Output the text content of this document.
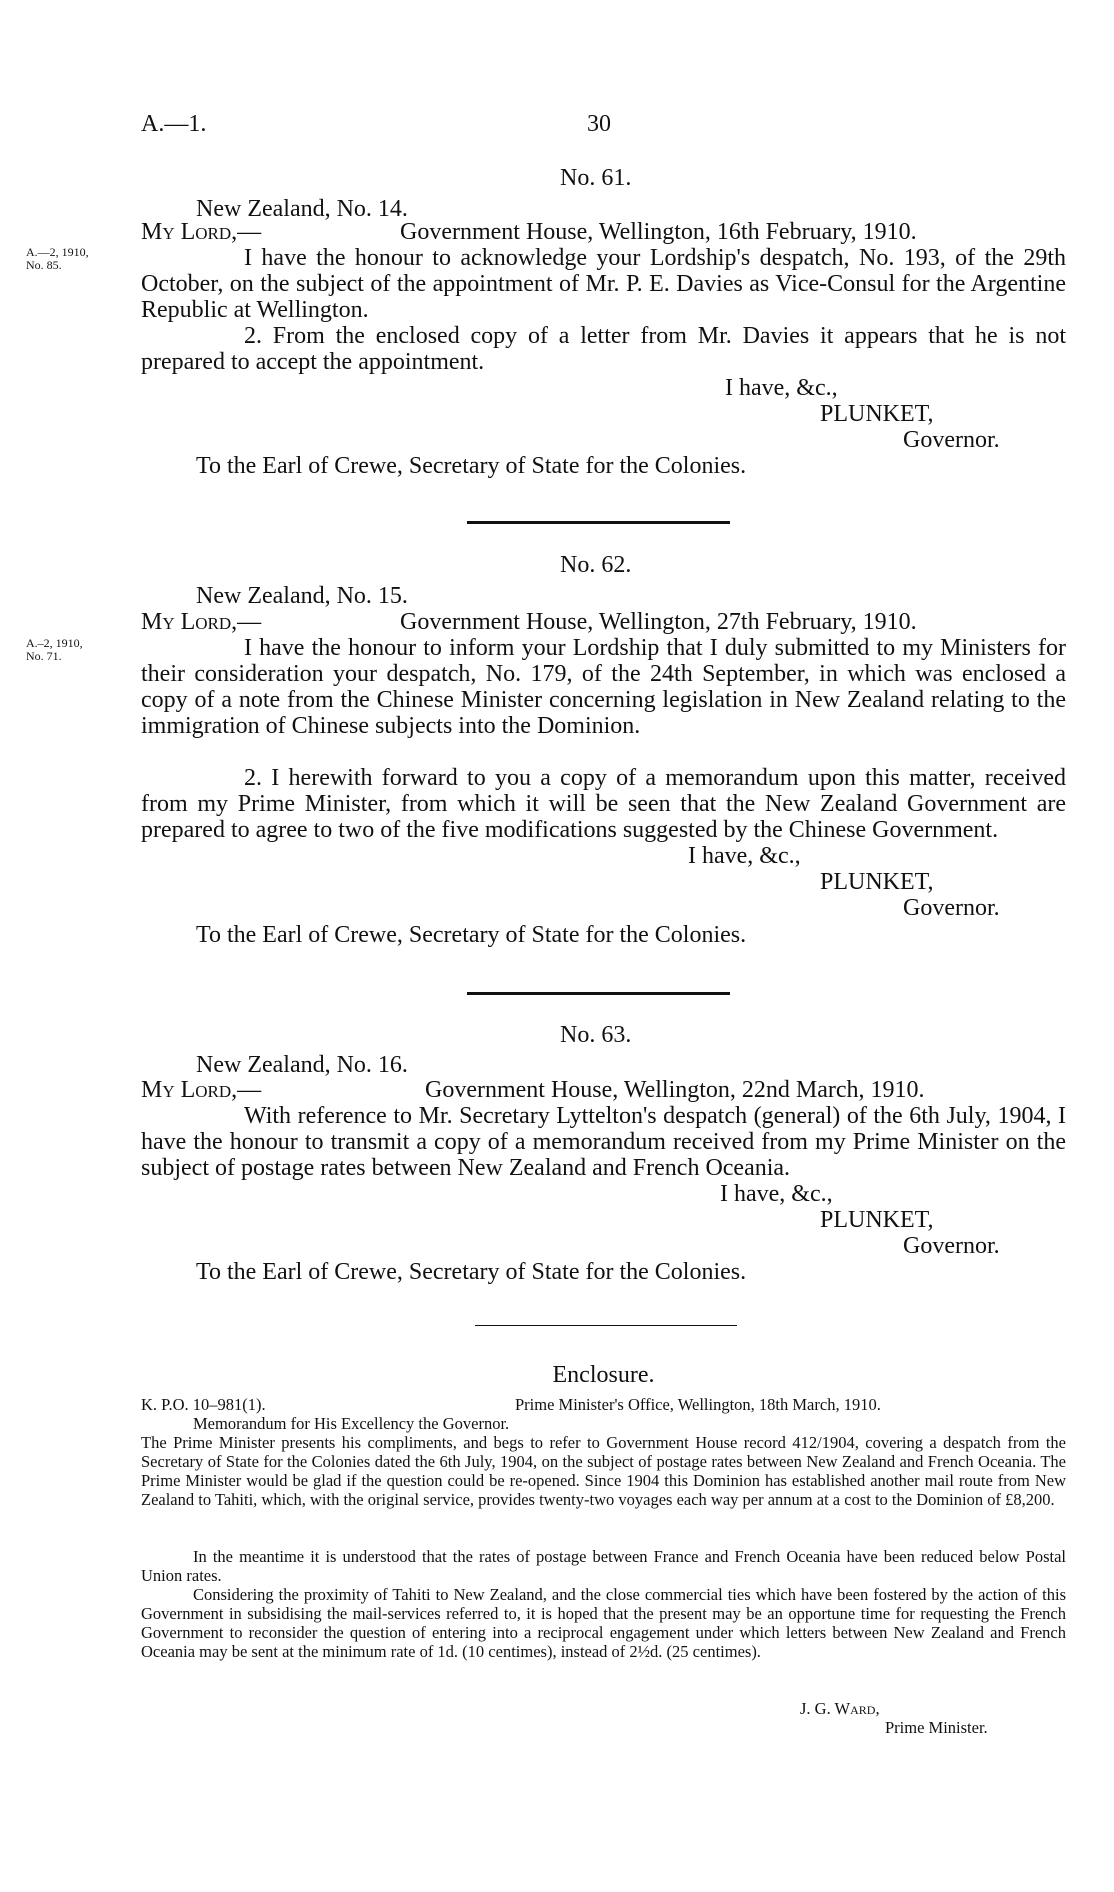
A.—1.	30
No. 61.
New Zealand, No. 14.
My Lord,—	Government House, Wellington, 16th February, 1910.
A.—2, 1910,
No. 85.	I have the honour to acknowledge your Lordship's despatch, No. 193, of the 29th October, on the subject of the appointment of Mr. P. E. Davies as Vice-Consul for the Argentine Republic at Wellington.
2. From the enclosed copy of a letter from Mr. Davies it appears that he is not prepared to accept the appointment.
I have, &c.,
PLUNKET,
Governor.
To the Earl of Crewe, Secretary of State for the Colonies.
No. 62.
New Zealand, No. 15.
My Lord,—	Government House, Wellington, 27th February, 1910.
A.–2, 1910,
No. 71.	I have the honour to inform your Lordship that I duly submitted to my Ministers for their consideration your despatch, No. 179, of the 24th September, in which was enclosed a copy of a note from the Chinese Minister concerning legislation in New Zealand relating to the immigration of Chinese subjects into the Dominion.
2. I herewith forward to you a copy of a memorandum upon this matter, received from my Prime Minister, from which it will be seen that the New Zealand Government are prepared to agree to two of the five modifications suggested by the Chinese Government.
I have, &c.,
PLUNKET,
Governor.
To the Earl of Crewe, Secretary of State for the Colonies.
No. 63.
New Zealand, No. 16.
My Lord,—	Government House, Wellington, 22nd March, 1910.
With reference to Mr. Secretary Lyttelton's despatch (general) of the 6th July, 1904, I have the honour to transmit a copy of a memorandum received from my Prime Minister on the subject of postage rates between New Zealand and French Oceania.
I have, &c.,
PLUNKET,
Governor.
To the Earl of Crewe, Secretary of State for the Colonies.
Enclosure.
K. P.O. 10–981(1).	Prime Minister's Office, Wellington, 18th March, 1910.
Memorandum for His Excellency the Governor.
The Prime Minister presents his compliments, and begs to refer to Government House record 412/1904, covering a despatch from the Secretary of State for the Colonies dated the 6th July, 1904, on the subject of postage rates between New Zealand and French Oceania. The Prime Minister would be glad if the question could be re-opened. Since 1904 this Dominion has established another mail route from New Zealand to Tahiti, which, with the original service, provides twenty-two voyages each way per annum at a cost to the Dominion of £8,200.
In the meantime it is understood that the rates of postage between France and French Oceania have been reduced below Postal Union rates.
Considering the proximity of Tahiti to New Zealand, and the close commercial ties which have been fostered by the action of this Government in subsidising the mail-services referred to, it is hoped that the present may be an opportune time for requesting the French Government to reconsider the question of entering into a reciprocal engagement under which letters between New Zealand and French Oceania may be sent at the minimum rate of 1d. (10 centimes), instead of 2½d. (25 centimes).
J. G. Ward,
Prime Minister.
